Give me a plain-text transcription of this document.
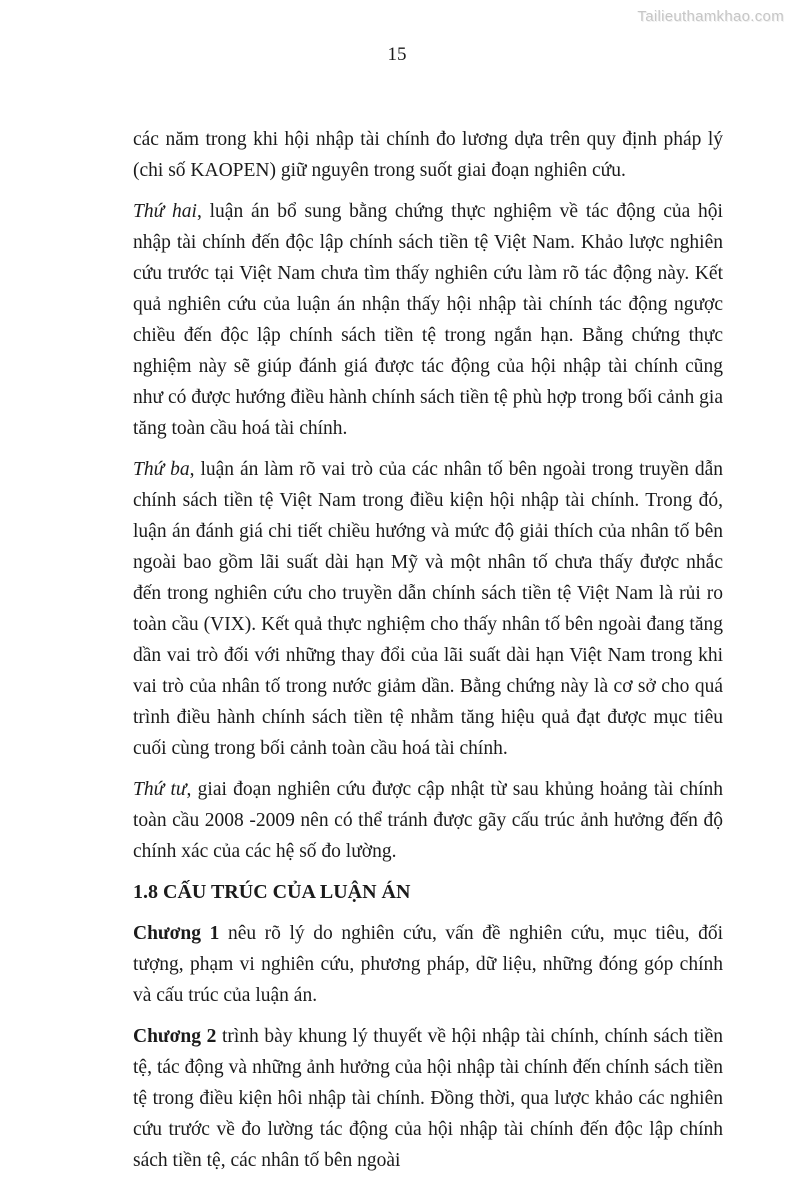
Tailieuthamkhao.com
15

các năm trong khi hội nhập tài chính đo lương dựa trên quy định pháp lý (chi số KAOPEN) giữ nguyên trong suốt giai đoạn nghiên cứu.

Thứ hai, luận án bổ sung bằng chứng thực nghiệm về tác động của hội nhập tài chính đến độc lập chính sách tiền tệ Việt Nam. Khảo lược nghiên cứu trước tại Việt Nam chưa tìm thấy nghiên cứu làm rõ tác động này. Kết quả nghiên cứu của luận án nhận thấy hội nhập tài chính tác động ngược chiều đến độc lập chính sách tiền tệ trong ngắn hạn. Bằng chứng thực nghiệm này sẽ giúp đánh giá được tác động của hội nhập tài chính cũng như có được hướng điều hành chính sách tiền tệ phù hợp trong bối cảnh gia tăng toàn cầu hoá tài chính.

Thứ ba, luận án làm rõ vai trò của các nhân tố bên ngoài trong truyền dẫn chính sách tiền tệ Việt Nam trong điều kiện hội nhập tài chính. Trong đó, luận án đánh giá chi tiết chiều hướng và mức độ giải thích của nhân tố bên ngoài bao gồm lãi suất dài hạn Mỹ và một nhân tố chưa thấy được nhắc đến trong nghiên cứu cho truyền dẫn chính sách tiền tệ Việt Nam là rủi ro toàn cầu (VIX). Kết quả thực nghiệm cho thấy nhân tố bên ngoài đang tăng dần vai trò đối với những thay đổi của lãi suất dài hạn Việt Nam trong khi vai trò của nhân tố trong nước giảm dần. Bằng chứng này là cơ sở cho quá trình điều hành chính sách tiền tệ nhằm tăng hiệu quả đạt được mục tiêu cuối cùng trong bối cảnh toàn cầu hoá tài chính.

Thứ tư, giai đoạn nghiên cứu được cập nhật từ sau khủng hoảng tài chính toàn cầu 2008 -2009 nên có thể tránh được gãy cấu trúc ảnh hưởng đến độ chính xác của các hệ số đo lường.

1.8 CẤU TRÚC CỦA LUẬN ÁN

Chương 1 nêu rõ lý do nghiên cứu, vấn đề nghiên cứu, mục tiêu, đối tượng, phạm vi nghiên cứu, phương pháp, dữ liệu, những đóng góp chính và cấu trúc của luận án.

Chương 2 trình bày khung lý thuyết về hội nhập tài chính, chính sách tiền tệ, tác động và những ảnh hưởng của hội nhập tài chính đến chính sách tiền tệ trong điều kiện hôi nhập tài chính. Đồng thời, qua lược khảo các nghiên cứu trước về đo lường tác động của hội nhập tài chính đến độc lập chính sách tiền tệ, các nhân tố bên ngoài
